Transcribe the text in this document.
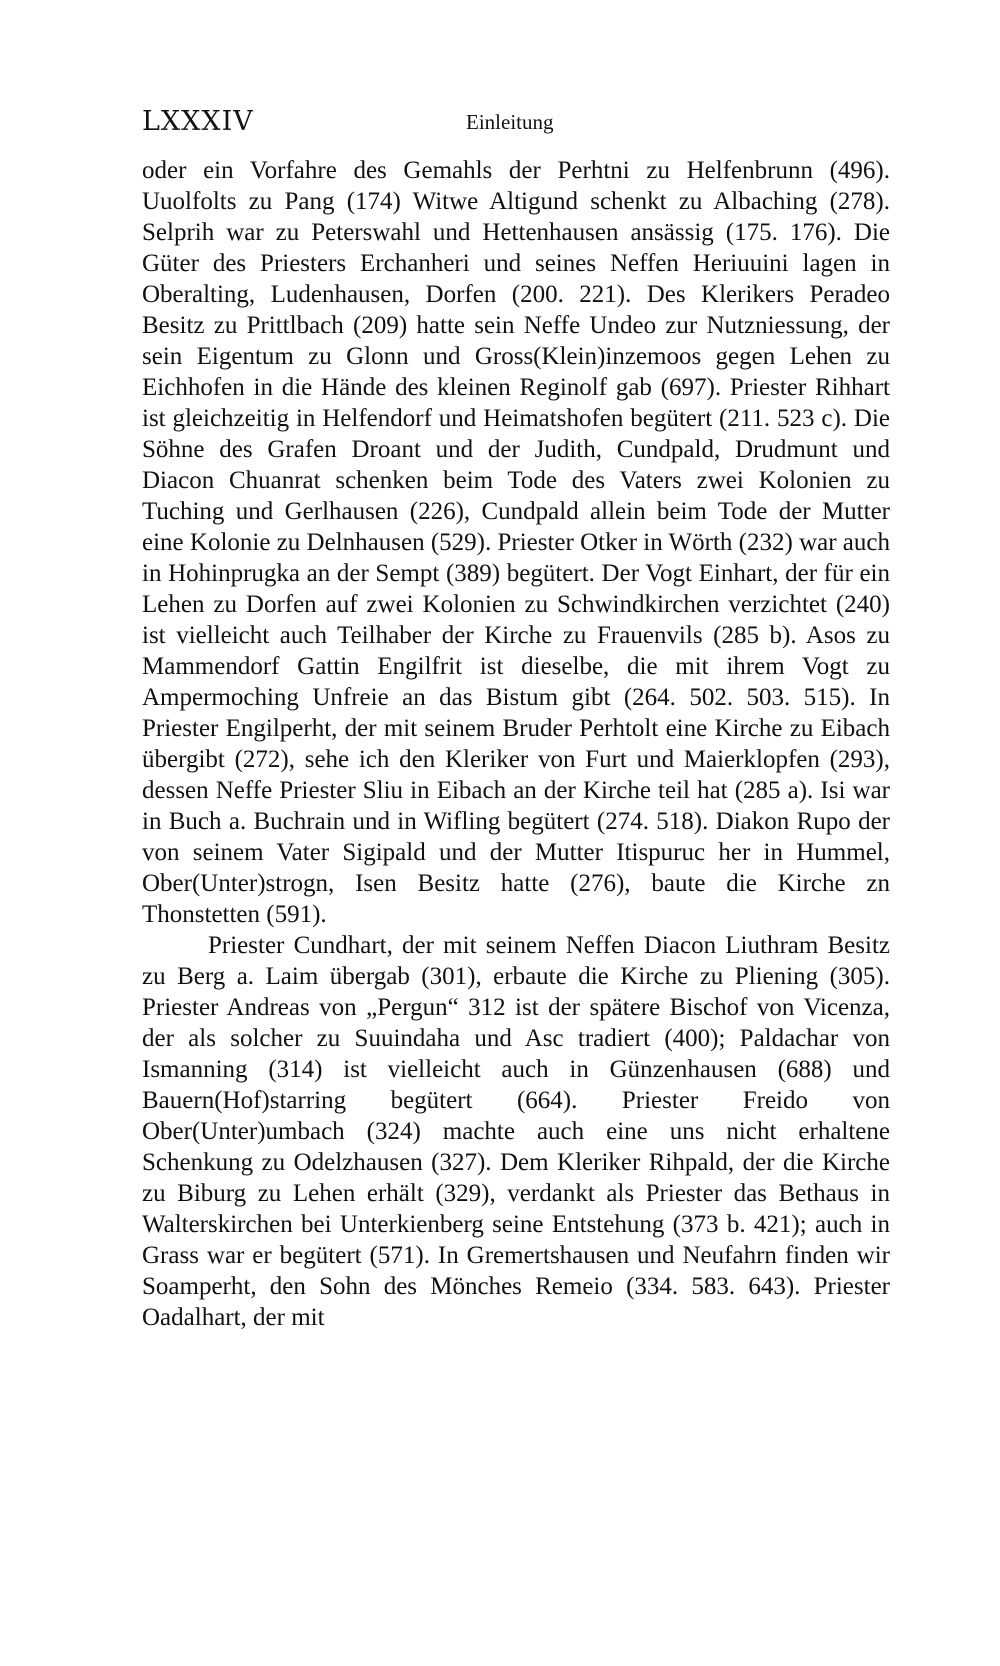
LXXXIV	Einleitung

oder ein Vorfahre des Gemahls der Perhtni zu Helfenbrunn (496). Uuolfolts zu Pang (174) Witwe Altigund schenkt zu Albaching (278). Selprih war zu Peterswahl und Hettenhausen ansässig (175. 176). Die Güter des Priesters Erchanheri und seines Neffen Heriuuini lagen in Oberalting, Ludenhausen, Dorfen (200. 221). Des Klerikers Peradeo Besitz zu Prittlbach (209) hatte sein Neffe Undeo zur Nutzniessung, der sein Eigentum zu Glonn und Gross(Klein)inzemoos gegen Lehen zu Eichhofen in die Hände des kleinen Reginolf gab (697). Priester Rihhart ist gleichzeitig in Helfendorf und Heimatshofen begütert (211. 523 c). Die Söhne des Grafen Droant und der Judith, Cundpald, Drudmunt und Diacon Chuanrat schenken beim Tode des Vaters zwei Kolonien zu Tuching und Gerlhausen (226), Cundpald allein beim Tode der Mutter eine Kolonie zu Delnhausen (529). Priester Otker in Wörth (232) war auch in Hohinprugka an der Sempt (389) begütert. Der Vogt Einhart, der für ein Lehen zu Dorfen auf zwei Kolonien zu Schwindkirchen verzichtet (240) ist vielleicht auch Teilhaber der Kirche zu Frauenvils (285 b). Asos zu Mammendorf Gattin Engilfrit ist dieselbe, die mit ihrem Vogt zu Ampermoching Unfreie an das Bistum gibt (264. 502. 503. 515). In Priester Engilperht, der mit seinem Bruder Perhtolt eine Kirche zu Eibach übergibt (272), sehe ich den Kleriker von Furt und Maierklopfen (293), dessen Neffe Priester Sliu in Eibach an der Kirche teil hat (285 a). Isi war in Buch a. Buchrain und in Wifling begütert (274. 518). Diakon Rupo der von seinem Vater Sigipald und der Mutter Itispuruc her in Hummel, Ober(Unter)strogn, Isen Besitz hatte (276), baute die Kirche zn Thonstetten (591).

Priester Cundhart, der mit seinem Neffen Diacon Liuthram Besitz zu Berg a. Laim übergab (301), erbaute die Kirche zu Pliening (305). Priester Andreas von „Pergun“ 312 ist der spätere Bischof von Vicenza, der als solcher zu Suuindaha und Asc tradiert (400); Paldachar von Ismanning (314) ist vielleicht auch in Günzenhausen (688) und Bauern(Hof)starring begütert (664). Priester Freido von Ober(Unter)umbach (324) machte auch eine uns nicht erhaltene Schenkung zu Odelzhausen (327). Dem Kleriker Rihpald, der die Kirche zu Biburg zu Lehen erhält (329), verdankt als Priester das Bethaus in Walterskirchen bei Unterkienberg seine Entstehung (373 b. 421); auch in Grass war er begütert (571). In Gremertshausen und Neufahrn finden wir Soamperht, den Sohn des Mönches Remeio (334. 583. 643). Priester Oadalhart, der mit
